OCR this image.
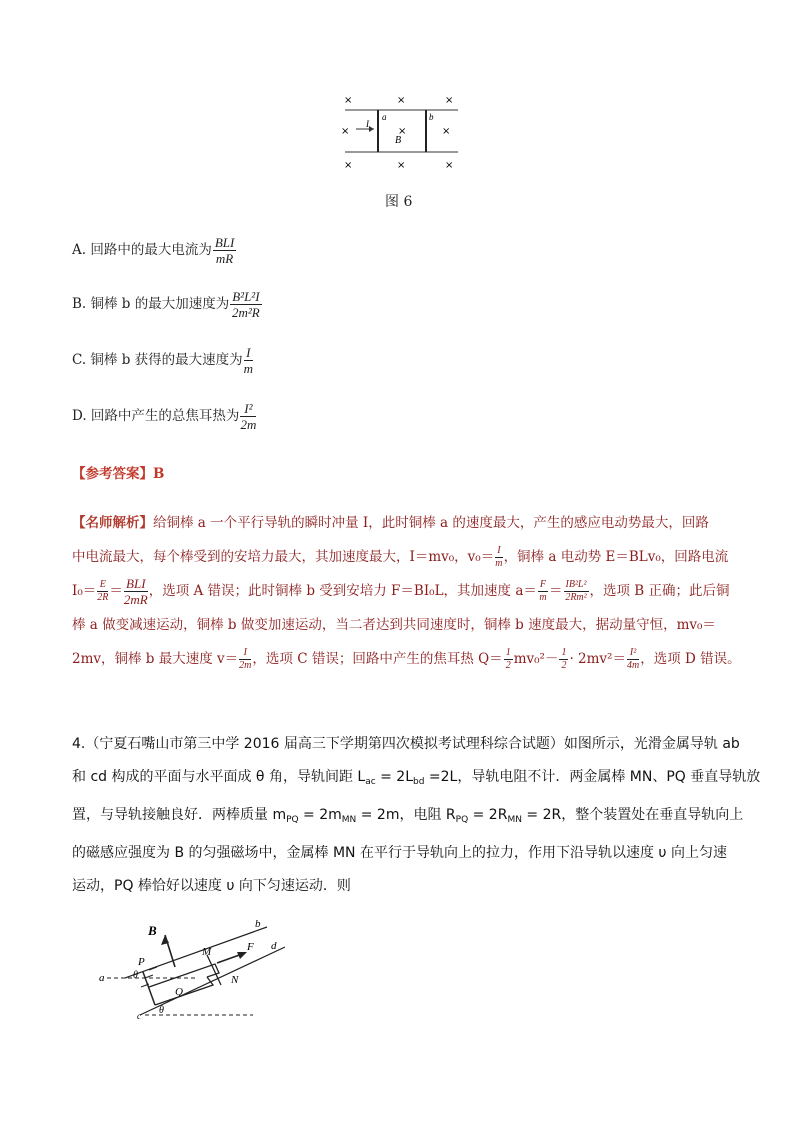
×	×	×
×	×	×
×	×	×
I
a	b
B
图 6
A. 回路中的最大电流为 $\frac{\text{BLI}}{mR}$
B. 铜棒 b 的最大加速度为 $\frac{\text{B²L²I}}{\text{2m²R}}$
C. 铜棒 b 获得的最大速度为 $\frac{I}{m}$
D. 回路中产生的总焦耳热为 $\frac{\text{I²}}{2m}$
【参考答案】B
【名师解析】给铜棒 a 一个平行导轨的瞬时冲量 I，此时铜棒 a 的速度最大，产生的感应电动势最大，回路
中电流最大，每个棒受到的安培力最大，其加速度最大，I＝mv₀，$v_0= \frac{I}{m}$ ，铜棒 a 电动势 E＝BLv₀，回路电流
$I_0= \frac{E}{2R} = \frac{\text{BLI}}{2mR}$ ，选项 A 错误；此时铜棒 b 受到安培力 F＝BI₀L，其加速度 $a= \frac{F}{m} = \frac{\text{IB²L²}}{\text{2Rm²}}$ ，选项 B 正确；此后铜
棒 a 做变减速运动，铜棒 b 做变加速运动，当二者达到共同速度时，铜棒 b 速度最大，据动量守恒，mv₀＝
2mv，铜棒 b 最大速度 $v= \frac{I}{2m}$ ，选项 C 错误；回路中产生的焦耳热 $Q= \frac{1}{2} mv_0^2- \frac{1}{2} \cdot 2mv^2= \frac{\text{I²}}{4m}$ ，选项 D 错误。
4.（宁夏石嘴山市第三中学 2016 届高三下学期第四次模拟考试理科综合试题）如图所示，光滑金属导轨 ab
和 cd 构成的平面与水平面成 θ 角，导轨间距 $L_{ac} = 2L_{bd} =2L$，导轨电阻不计．两金属棒 MN、PQ 垂直导轨放
置，与导轨接触良好．两棒质量 $m_{PQ} = 2m_{MN} = 2m$，电阻 $R_{PQ} = 2R_{MN} = 2R$，整个装置处在垂直导轨向上
的磁感应强度为 B 的匀强磁场中，金属棒 MN 在平行于导轨向上的拉力，作用下沿导轨以速度 υ 向上匀速
运动，PQ 棒恰好以速度 υ 向下匀速运动．则
B
M	F
b
d
a
P
θ
Q
N
c θ
